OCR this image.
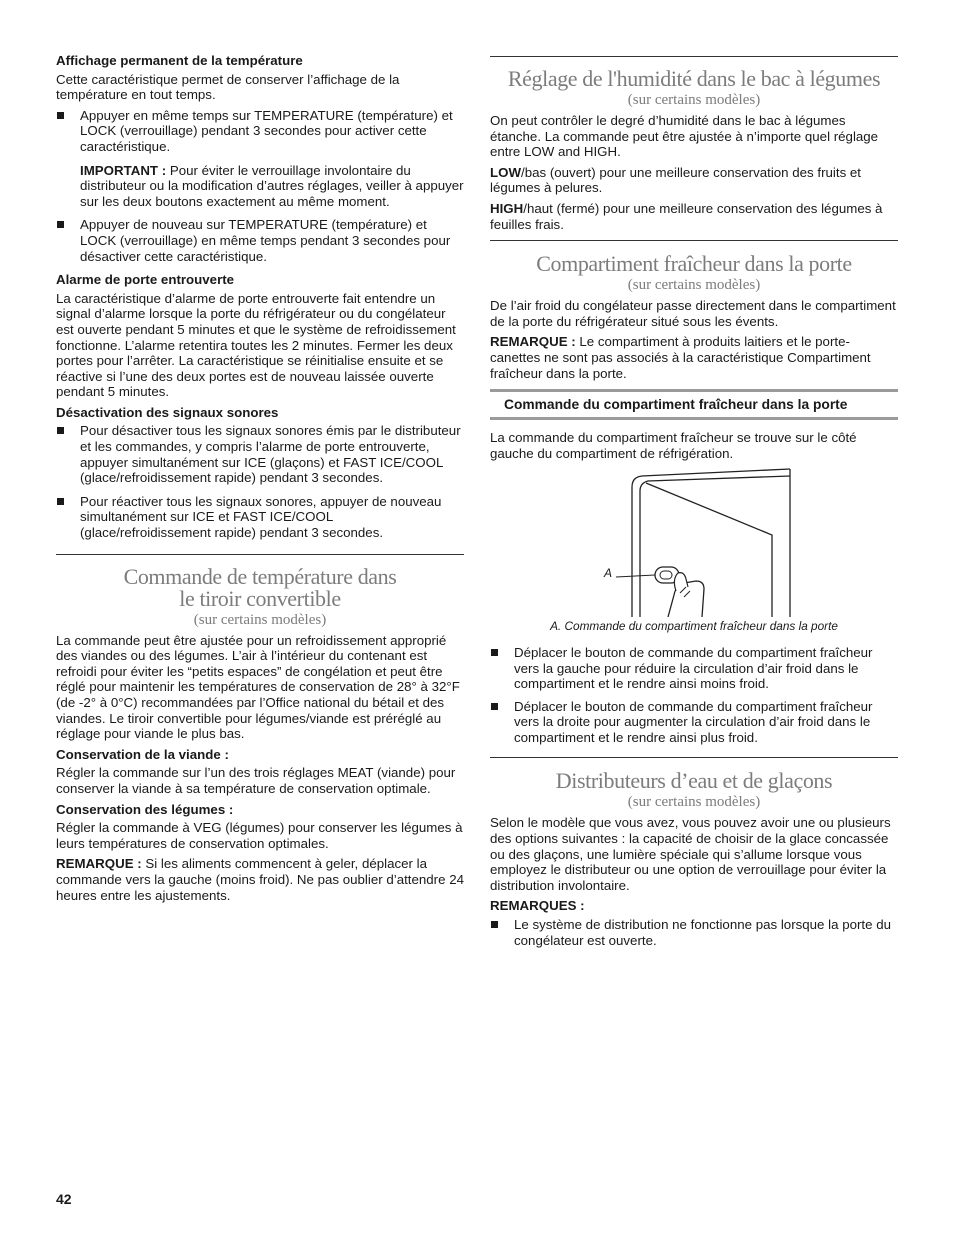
Affichage permanent de la température

Cette caractéristique permet de conserver l’affichage de la température en tout temps.

Appuyer en même temps sur TEMPERATURE (température) et LOCK (verrouillage) pendant 3 secondes pour activer cette caractéristique.

IMPORTANT : Pour éviter le verrouillage involontaire du distributeur ou la modification d’autres réglages, veiller à appuyer sur les deux boutons exactement au même moment.

Appuyer de nouveau sur TEMPERATURE (température) et LOCK (verrouillage) en même temps pendant 3 secondes pour désactiver cette caractéristique.

Alarme de porte entrouverte

La caractéristique d’alarme de porte entrouverte fait entendre un signal d’alarme lorsque la porte du réfrigérateur ou du congélateur est ouverte pendant 5 minutes et que le système de refroidissement fonctionne. L’alarme retentira toutes les 2 minutes. Fermer les deux portes pour l’arrêter. La caractéristique se réinitialise ensuite et se réactive si l’une des deux portes est de nouveau laissée ouverte pendant 5 minutes.

Désactivation des signaux sonores

Pour désactiver tous les signaux sonores émis par le distributeur et les commandes, y compris l’alarme de porte entrouverte, appuyer simultanément sur ICE (glaçons) et FAST ICE/COOL (glace/refroidissement rapide) pendant 3 secondes.
Pour réactiver tous les signaux sonores, appuyer de nouveau simultanément sur ICE et FAST ICE/COOL (glace/refroidissement rapide) pendant 3 secondes.
Commande de température dans
le tiroir convertible
(sur certains modèles)

La commande peut être ajustée pour un refroidissement approprié des viandes ou des légumes. L’air à l’intérieur du contenant est refroidi pour éviter les “petits espaces” de congélation et peut être réglé pour maintenir les températures de conservation de 28° à 32°F (de -2° à 0°C) recommandées par l’Office national du bétail et des viandes. Le tiroir convertible pour légumes/viande est préréglé au réglage pour viande le plus bas.

Conservation de la viande :

Régler la commande sur l’un des trois réglages MEAT (viande) pour conserver la viande à sa température de conservation optimale.

Conservation des légumes :

Régler la commande à VEG (légumes) pour conserver les légumes à leurs températures de conservation optimales.

REMARQUE : Si les aliments commencent à geler, déplacer la commande vers la gauche (moins froid). Ne pas oublier d’attendre 24 heures entre les ajustements.

Réglage de l'humidité dans le bac à légumes
(sur certains modèles)

On peut contrôler le degré d’humidité dans le bac à légumes étanche. La commande peut être ajustée à n’importe quel réglage entre LOW and HIGH.

LOW/bas (ouvert) pour une meilleure conservation des fruits et légumes à pelures.

HIGH/haut (fermé) pour une meilleure conservation des légumes à feuilles frais.

Compartiment fraîcheur dans la porte
(sur certains modèles)

De l’air froid du congélateur passe directement dans le compartiment de la porte du réfrigérateur situé sous les évents.

REMARQUE : Le compartiment à produits laitiers et le porte-canettes ne sont pas associés à la caractéristique Compartiment fraîcheur dans la porte.

Commande du compartiment fraîcheur dans la porte

La commande du compartiment fraîcheur se trouve sur le côté gauche du compartiment de réfrigération.

A

A. Commande du compartiment fraîcheur dans la porte

Déplacer le bouton de commande du compartiment fraîcheur vers la gauche pour réduire la circulation d’air froid dans le compartiment et le rendre ainsi moins froid.
Déplacer le bouton de commande du compartiment fraîcheur vers la droite pour augmenter la circulation d’air froid dans le compartiment et le rendre ainsi plus froid.
Distributeurs d’eau et de glaçons
(sur certains modèles)

Selon le modèle que vous avez, vous pouvez avoir une ou plusieurs des options suivantes : la capacité de choisir de la glace concassée ou des glaçons, une lumière spéciale qui s’allume lorsque vous employez le distributeur ou une option de verrouillage pour éviter la distribution involontaire.

REMARQUES :

Le système de distribution ne fonctionne pas lorsque la porte du congélateur est ouverte.
42
